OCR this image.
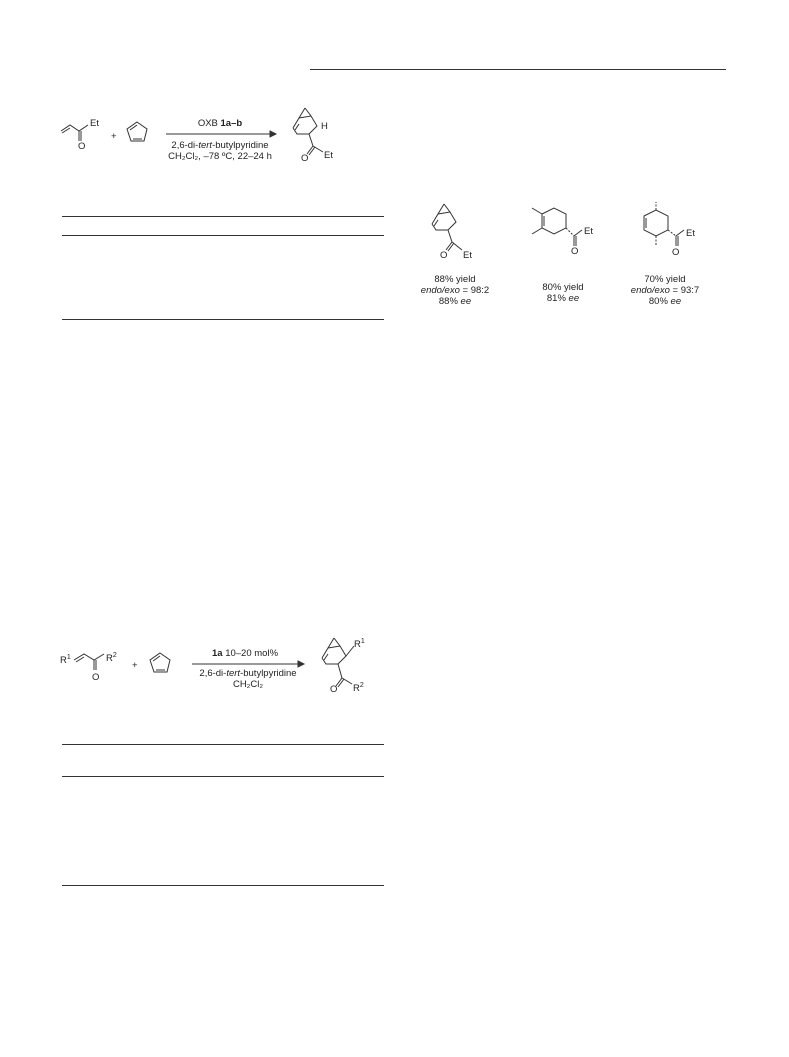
Et
O
+
OXB 1a–b
2,6-di-tert-butylpyridine
CH₂Cl₂, –78 ºC, 22–24 h
H
O Et
O Et
88% yield
endo/exo = 98:2
88% ee
O
Et
80% yield
81% ee
O
Et
70% yield
endo/exo = 93:7
80% ee
$R^1$	$R^2$
O
+
1a 10–20 mol%
2,6-di-tert-butylpyridine
CH₂Cl₂
$R^1$
O $R^2$
